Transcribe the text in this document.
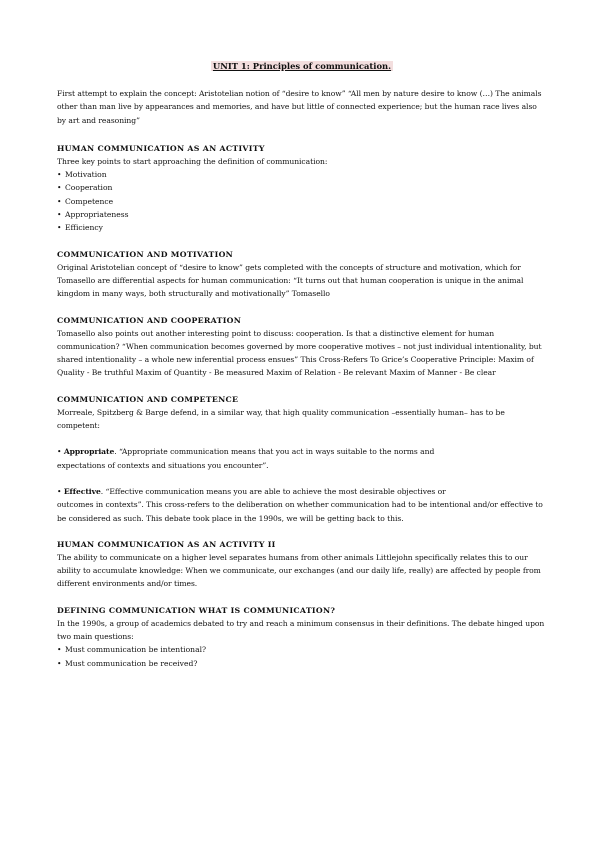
UNIT 1: Principles of communication.

First attempt to explain the concept: Aristotelian notion of “desire to know” “All men by nature desire to know (…) The animals other than man live by appearances and memories, and have but little of connected experience; but the human race lives also by art and reasoning”

HUMAN COMMUNICATION AS AN ACTIVITY

Three key points to start approaching the definition of communication:

• Motivation
• Cooperation
• Competence
• Appropriateness
• Efficiency
COMMUNICATION AND MOTIVATION

Original Aristotelian concept of “desire to know” gets completed with the concepts of structure and motivation, which for Tomasello are differential aspects for human communication: “It turns out that human cooperation is unique in the animal kingdom in many ways, both structurally and motivationally” Tomasello

COMMUNICATION AND COOPERATION

Tomasello also points out another interesting point to discuss: cooperation. Is that a distinctive element for human communication? “When communication becomes governed by more cooperative motives – not just individual intentionality, but shared intentionality – a whole new inferential process ensues” This Cross-Refers To Grice’s Cooperative Principle: Maxim of Quality - Be truthful Maxim of Quantity - Be measured Maxim of Relation - Be relevant Maxim of Manner - Be clear

COMMUNICATION AND COMPETENCE

Morreale, Spitzberg & Barge defend, in a similar way, that high quality communication –essentially human– has to be competent:

• Appropriate. “Appropriate communication means that you act in ways suitable to the norms and

expectations of contexts and situations you encounter”.

• Effective. “Effective communication means you are able to achieve the most desirable objectives or

outcomes in contexts”. This cross-refers to the deliberation on whether communication had to be intentional and/or effective to be considered as such. This debate took place in the 1990s, we will be getting back to this.

HUMAN COMMUNICATION AS AN ACTIVITY II

The ability to communicate on a higher level separates humans from other animals Littlejohn specifically relates this to our ability to accumulate knowledge: When we communicate, our exchanges (and our daily life, really) are affected by people from different environments and/or times.

DEFINING COMMUNICATION WHAT IS COMMUNICATION?

In the 1990s, a group of academics debated to try and reach a minimum consensus in their definitions. The debate hinged upon two main questions:

• Must communication be intentional?
• Must communication be received?
